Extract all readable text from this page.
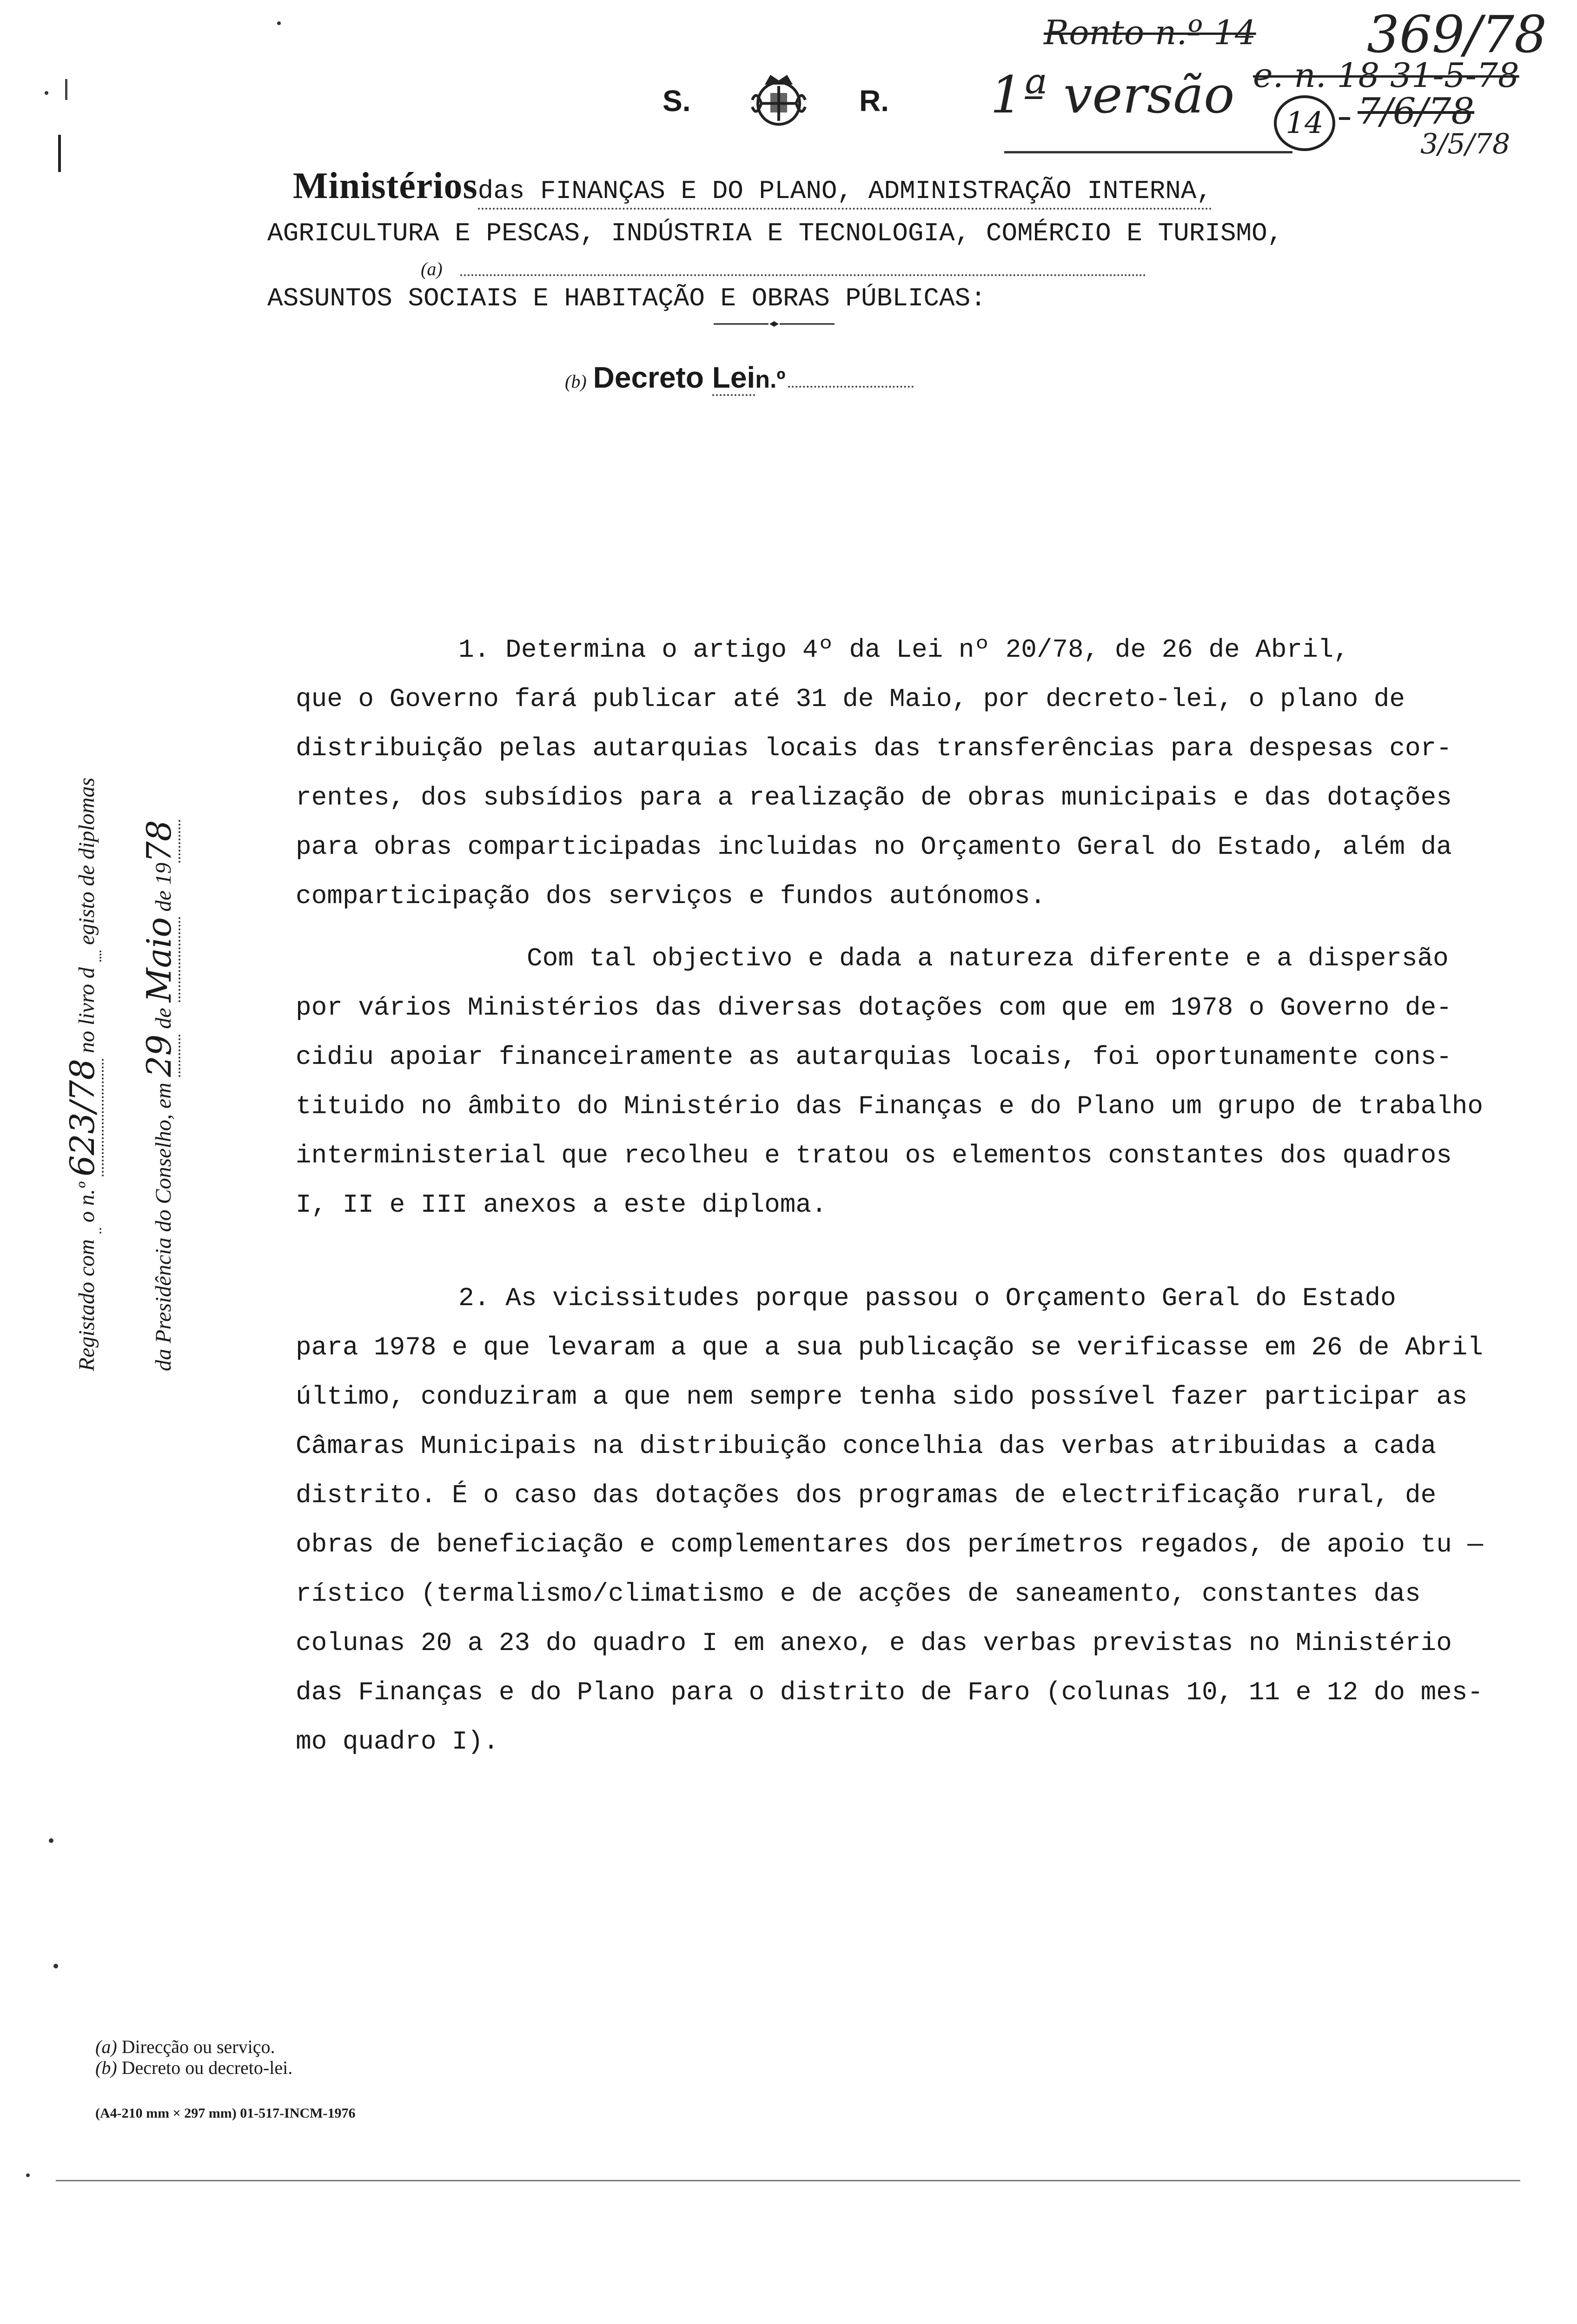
S.	R.
Ministériosdas FINANÇAS E DO PLANO, ADMINISTRAÇÃO INTERNA,
AGRICULTURA E PESCAS, INDÚSTRIA E TECNOLOGIA, COMÉRCIO E TURISMO,
(a)
ASSUNTOS SOCIAIS E HABITAÇÃO E OBRAS PÚBLICAS:
(b) Decreto Lein.º
Ronto n.º 14 369/78
1ª versão e. n. 18 31-5-78
14 7/6/78
3/5/78

1. Determina o artigo 4º da Lei nº 20/78, de 26 de Abril,

que o Governo fará publicar até 31 de Maio, por decreto-lei, o plano de

distribuição pelas autarquias locais das transferências para despesas cor-

rentes, dos subsídios para a realização de obras municipais e das dotações

para obras comparticipadas incluidas no Orçamento Geral do Estado, além da

comparticipação dos serviços e fundos autónomos.

Com tal objectivo e dada a natureza diferente e a dispersão

por vários Ministérios das diversas dotações com que em 1978 o Governo de-

cidiu apoiar financeiramente as autarquias locais, foi oportunamente cons-

tituido no âmbito do Ministério das Finanças e do Plano um grupo de trabalho

interministerial que recolheu e tratou os elementos constantes dos quadros

I, II e III anexos a este diploma.

2. As vicissitudes porque passou o Orçamento Geral do Estado

para 1978 e que levaram a que a sua publicação se verificasse em 26 de Abril

último, conduziram a que nem sempre tenha sido possível fazer participar as

Câmaras Municipais na distribuição concelhia das verbas atribuidas a cada

distrito. É o caso das dotações dos programas de electrificação rural, de

obras de beneficiação e complementares dos perímetros regados, de apoio tu —

rístico (termalismo/climatismo e de acções de saneamento, constantes das

colunas 20 a 23 do quadro I em anexo, e das verbas previstas no Ministério

das Finanças e do Plano para o distrito de Faro (colunas 10, 11 e 12 do mes-

mo quadro I).

Registado com   o n.º 623/78 no livro d    egisto de diplomas
da Presidência do Conselho, em 29 de Maio de 1978
(a) Direcção ou serviço.
(b) Decreto ou decreto-lei.
(A4-210 mm × 297 mm) 01-517-INCM-1976
